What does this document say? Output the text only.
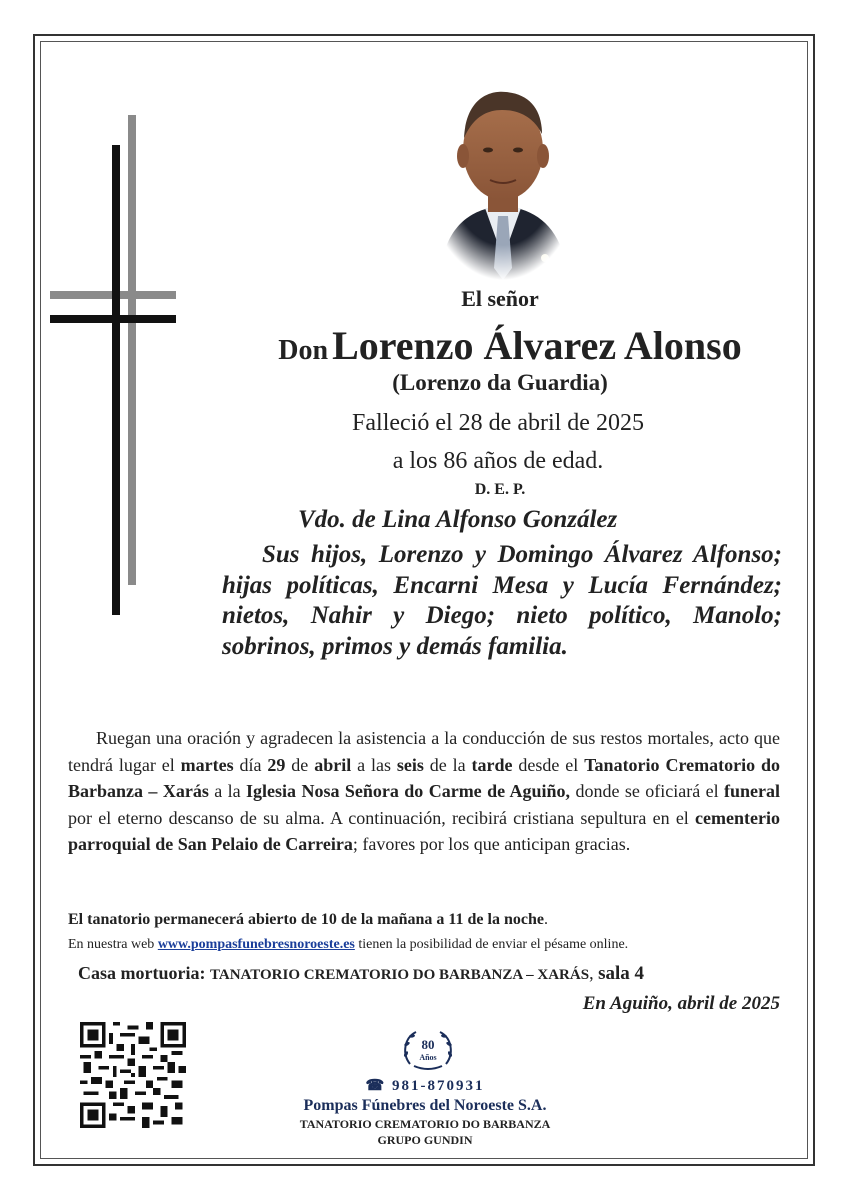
El señor
Don Lorenzo Álvarez Alonso
(Lorenzo da Guardia)
Falleció el 28 de abril de 2025
a los 86 años de edad.
D. E. P.
Vdo. de Lina Alfonso González
Sus hijos, Lorenzo y Domingo Álvarez Alfonso; hijas políticas, Encarni Mesa y Lucía Fernández; nietos, Nahir y Diego; nieto político, Manolo; sobrinos, primos y demás familia.
Ruegan una oración y agradecen la asistencia a la conducción de sus restos mortales, acto que tendrá lugar el martes día 29 de abril a las seis de la tarde desde el Tanatorio Crematorio do Barbanza – Xarás a la Iglesia Nosa Señora do Carme de Aguiño, donde se oficiará el funeral por el eterno descanso de su alma. A continuación, recibirá cristiana sepultura en el cementerio parroquial de San Pelaio de Carreira; favores por los que anticipan gracias.
El tanatorio permanecerá abierto de 10 de la mañana a 11 de la noche.
En nuestra web www.pompasfunebresnoroeste.es tienen la posibilidad de enviar el pésame online.
Casa mortuoria: TANATORIO CREMATORIO DO BARBANZA – XARÁS, sala 4
En Aguiño, abril de 2025
80
Años
☎ 981-870931
Pompas Fúnebres del Noroeste S.A.
TANATORIO CREMATORIO DO BARBANZA
GRUPO GUNDIN
